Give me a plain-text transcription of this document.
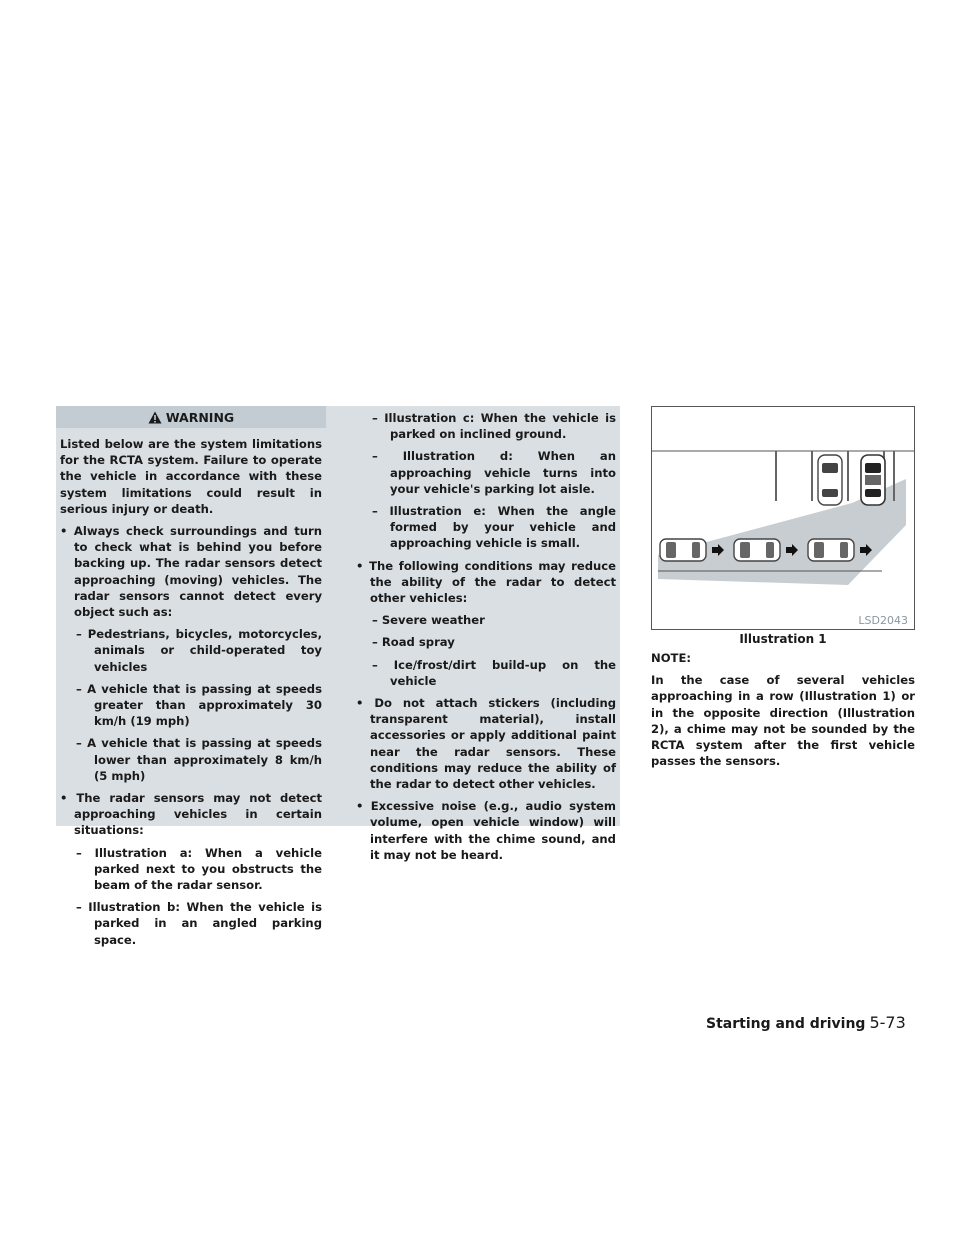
WARNING

Listed below are the system limitations for the RCTA system. Failure to operate the vehicle in accordance with these system limitations could result in serious injury or death.

• Always check surroundings and turn to check what is behind you before backing up. The radar sensors detect approaching (moving) vehicles. The radar sensors cannot detect every object such as:

– Pedestrians, bicycles, motorcycles, animals or child-operated toy vehicles

– A vehicle that is passing at speeds greater than approximately 30 km/h (19 mph)

– A vehicle that is passing at speeds lower than approximately 8 km/h (5 mph)

• The radar sensors may not detect approaching vehicles in certain situations:

– Illustration a: When a vehicle parked next to you obstructs the beam of the radar sensor.

– Illustration b: When the vehicle is parked in an angled parking space.

– Illustration c: When the vehicle is parked on inclined ground.

– Illustration d: When an approaching vehicle turns into your vehicle's parking lot aisle.

– Illustration e: When the angle formed by your vehicle and approaching vehicle is small.

• The following conditions may reduce the ability of the radar to detect other vehicles:

– Severe weather

– Road spray

– Ice/frost/dirt build-up on the vehicle

• Do not attach stickers (including transparent material), install accessories or apply additional paint near the radar sensors. These conditions may reduce the ability of the radar to detect other vehicles.

• Excessive noise (e.g., audio system volume, open vehicle window) will interfere with the chime sound, and it may not be heard.

LSD2043
Illustration 1

NOTE:

In the case of several vehicles approaching in a row (Illustration 1) or in the opposite direction (Illustration 2), a chime may not be sounded by the RCTA system after the first vehicle passes the sensors.

Starting and driving 5-73
